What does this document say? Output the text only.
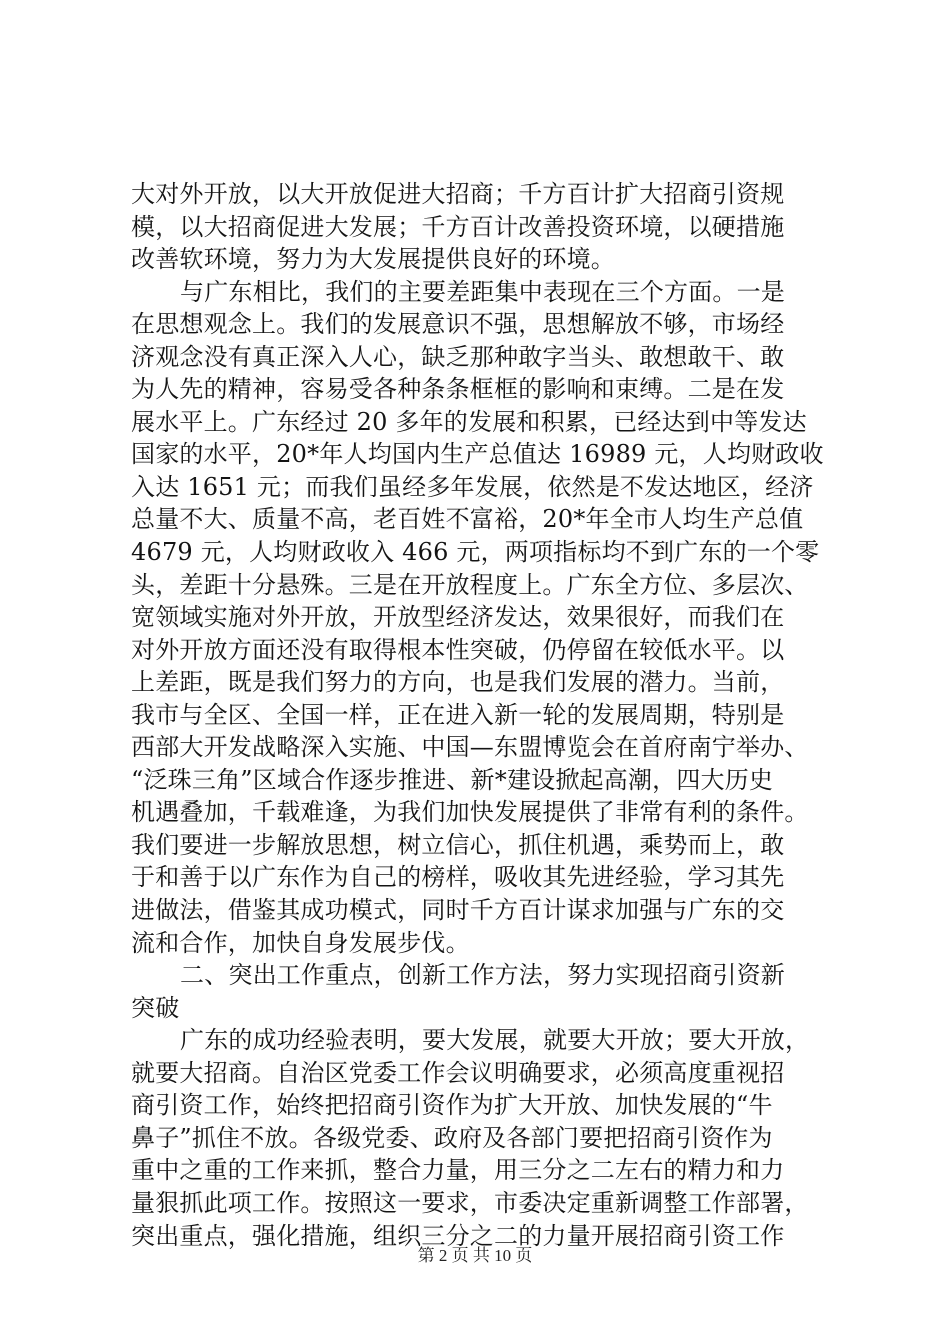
大对外开放，以大开放促进大招商；千方百计扩大招商引资规
模，以大招商促进大发展；千方百计改善投资环境，以硬措施
改善软环境，努力为大发展提供良好的环境。
与广东相比，我们的主要差距集中表现在三个方面。一是
在思想观念上。我们的发展意识不强，思想解放不够，市场经
济观念没有真正深入人心，缺乏那种敢字当头、敢想敢干、敢
为人先的精神，容易受各种条条框框的影响和束缚。二是在发
展水平上。广东经过 20 多年的发展和积累，已经达到中等发达
国家的水平，20*年人均国内生产总值达 16989 元，人均财政收
入达 1651 元；而我们虽经多年发展，依然是不发达地区，经济
总量不大、质量不高，老百姓不富裕，20*年全市人均生产总值
4679 元，人均财政收入 466 元，两项指标均不到广东的一个零
头，差距十分悬殊。三是在开放程度上。广东全方位、多层次、
宽领域实施对外开放，开放型经济发达，效果很好，而我们在
对外开放方面还没有取得根本性突破，仍停留在较低水平。以
上差距，既是我们努力的方向，也是我们发展的潜力。当前，
我市与全区、全国一样，正在进入新一轮的发展周期，特别是
西部大开发战略深入实施、中国—东盟博览会在首府南宁举办、
“泛珠三角”区域合作逐步推进、新*建设掀起高潮，四大历史
机遇叠加，千载难逢，为我们加快发展提供了非常有利的条件。
我们要进一步解放思想，树立信心，抓住机遇，乘势而上，敢
于和善于以广东作为自己的榜样，吸收其先进经验，学习其先
进做法，借鉴其成功模式，同时千方百计谋求加强与广东的交
流和合作，加快自身发展步伐。
二、突出工作重点，创新工作方法，努力实现招商引资新
突破
广东的成功经验表明，要大发展，就要大开放；要大开放，
就要大招商。自治区党委工作会议明确要求，必须高度重视招
商引资工作，始终把招商引资作为扩大开放、加快发展的“牛
鼻子”抓住不放。各级党委、政府及各部门要把招商引资作为
重中之重的工作来抓，整合力量，用三分之二左右的精力和力
量狠抓此项工作。按照这一要求，市委决定重新调整工作部署，
突出重点，强化措施，组织三分之二的力量开展招商引资工作
第 2 页 共 10 页
